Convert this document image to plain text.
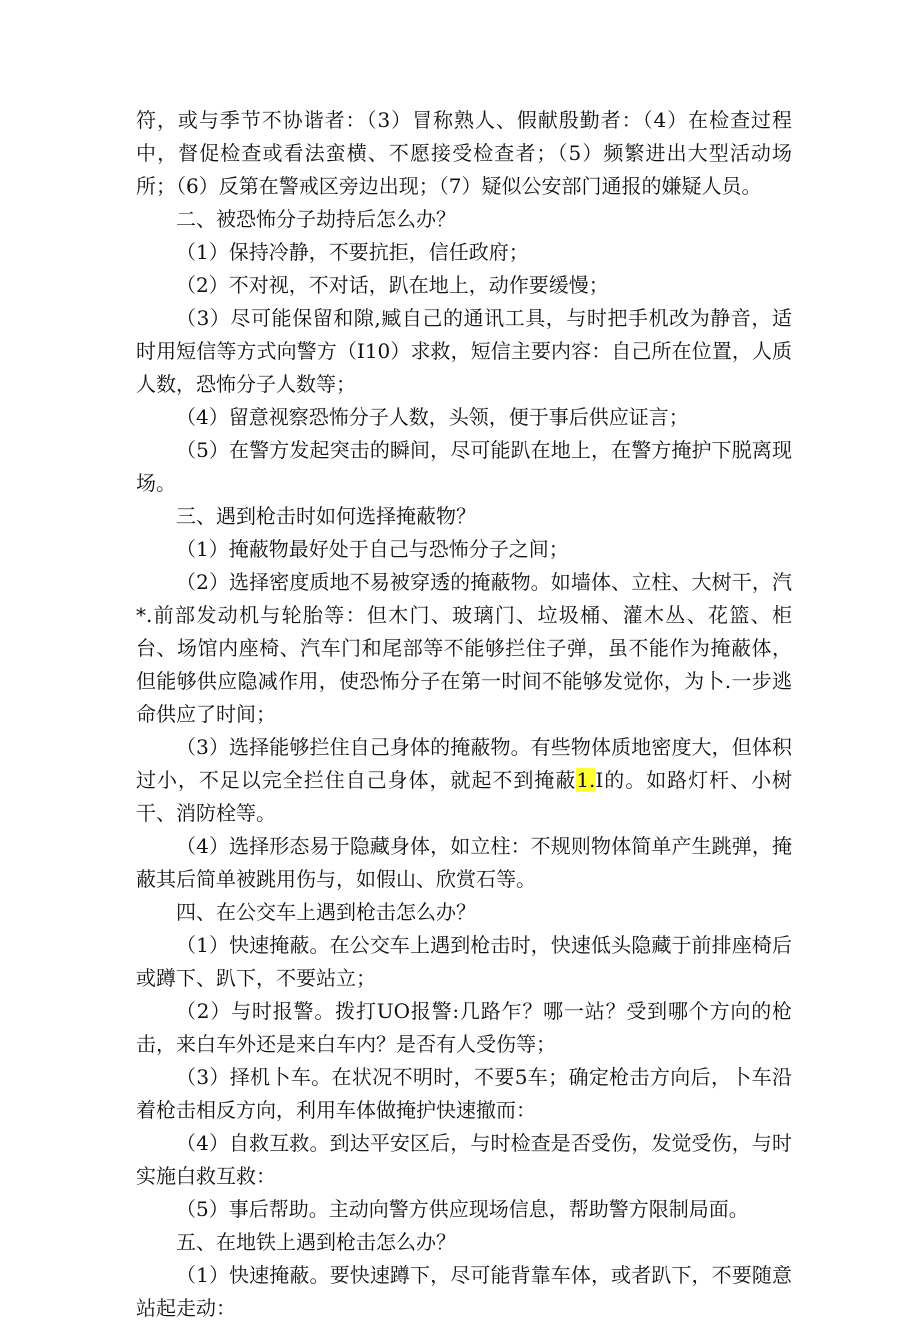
符，或与季节不协谐者：（3）冒称熟人、假献殷勤者：（4）在检查过程中，督促检查或看法蛮横、不愿接受检查者；（5）频繁进出大型活动场所；（6）反第在警戒区旁边出现；（7）疑似公安部门通报的嫌疑人员。

二、被恐怖分子劫持后怎么办？

（1）保持冷静，不要抗拒，信任政府；

（2）不对视，不对话，趴在地上，动作要缓慢；

（3）尽可能保留和隙,臧自己的通讯工具，与时把手机改为静音，适时用短信等方式向警方（I10）求救，短信主要内容：自己所在位置，人质人数，恐怖分子人数等；

（4）留意视察恐怖分子人数，头领，便于事后供应证言；

（5）在警方发起突击的瞬间，尽可能趴在地上，在警方掩护下脱离现场。

三、遇到枪击时如何选择掩蔽物？

（1）掩蔽物最好处于自己与恐怖分子之间；

（2）选择密度质地不易被穿透的掩蔽物。如墙体、立柱、大树干，汽*.前部发动机与轮胎等：但木门、玻璃门、垃圾桶、灌木丛、花篮、柜台、场馆内座椅、汽车门和尾部等不能够拦住子弹，虽不能作为掩蔽体，但能够供应隐减作用，使恐怖分子在第一时间不能够发觉你，为卜.一步逃命供应了时间；

（3）选择能够拦住自己身体的掩蔽物。有些物体质地密度大，但体积过小，不足以完全拦住自己身体，就起不到掩蔽1.I的。如路灯杆、小树干、消防栓等。

（4）选择形态易于隐藏身体，如立柱：不规则物体简单产生跳弹，掩蔽其后简单被跳用伤与，如假山、欣赏石等。

四、在公交车上遇到枪击怎么办？

（1）快速掩蔽。在公交车上遇到枪击时，快速低头隐藏于前排座椅后或蹲下、趴下，不要站立；

（2）与时报警。拨打UO报警:几路乍？哪一站？受到哪个方向的枪击，来白车外还是来白车内？是否有人受伤等；

（3）择机卜车。在状况不明时，不要5车；确定枪击方向后，卜车沿着枪击相反方向，利用车体做掩护快速撤而：

（4）自救互救。到达平安区后，与时检查是否受伤，发觉受伤，与时实施白救互救：

（5）事后帮助。主动向警方供应现场信息，帮助警方限制局面。

五、在地铁上遇到枪击怎么办？

（1）快速掩蔽。要快速蹲下，尽可能背靠车体，或者趴下，不要随意站起走动：
